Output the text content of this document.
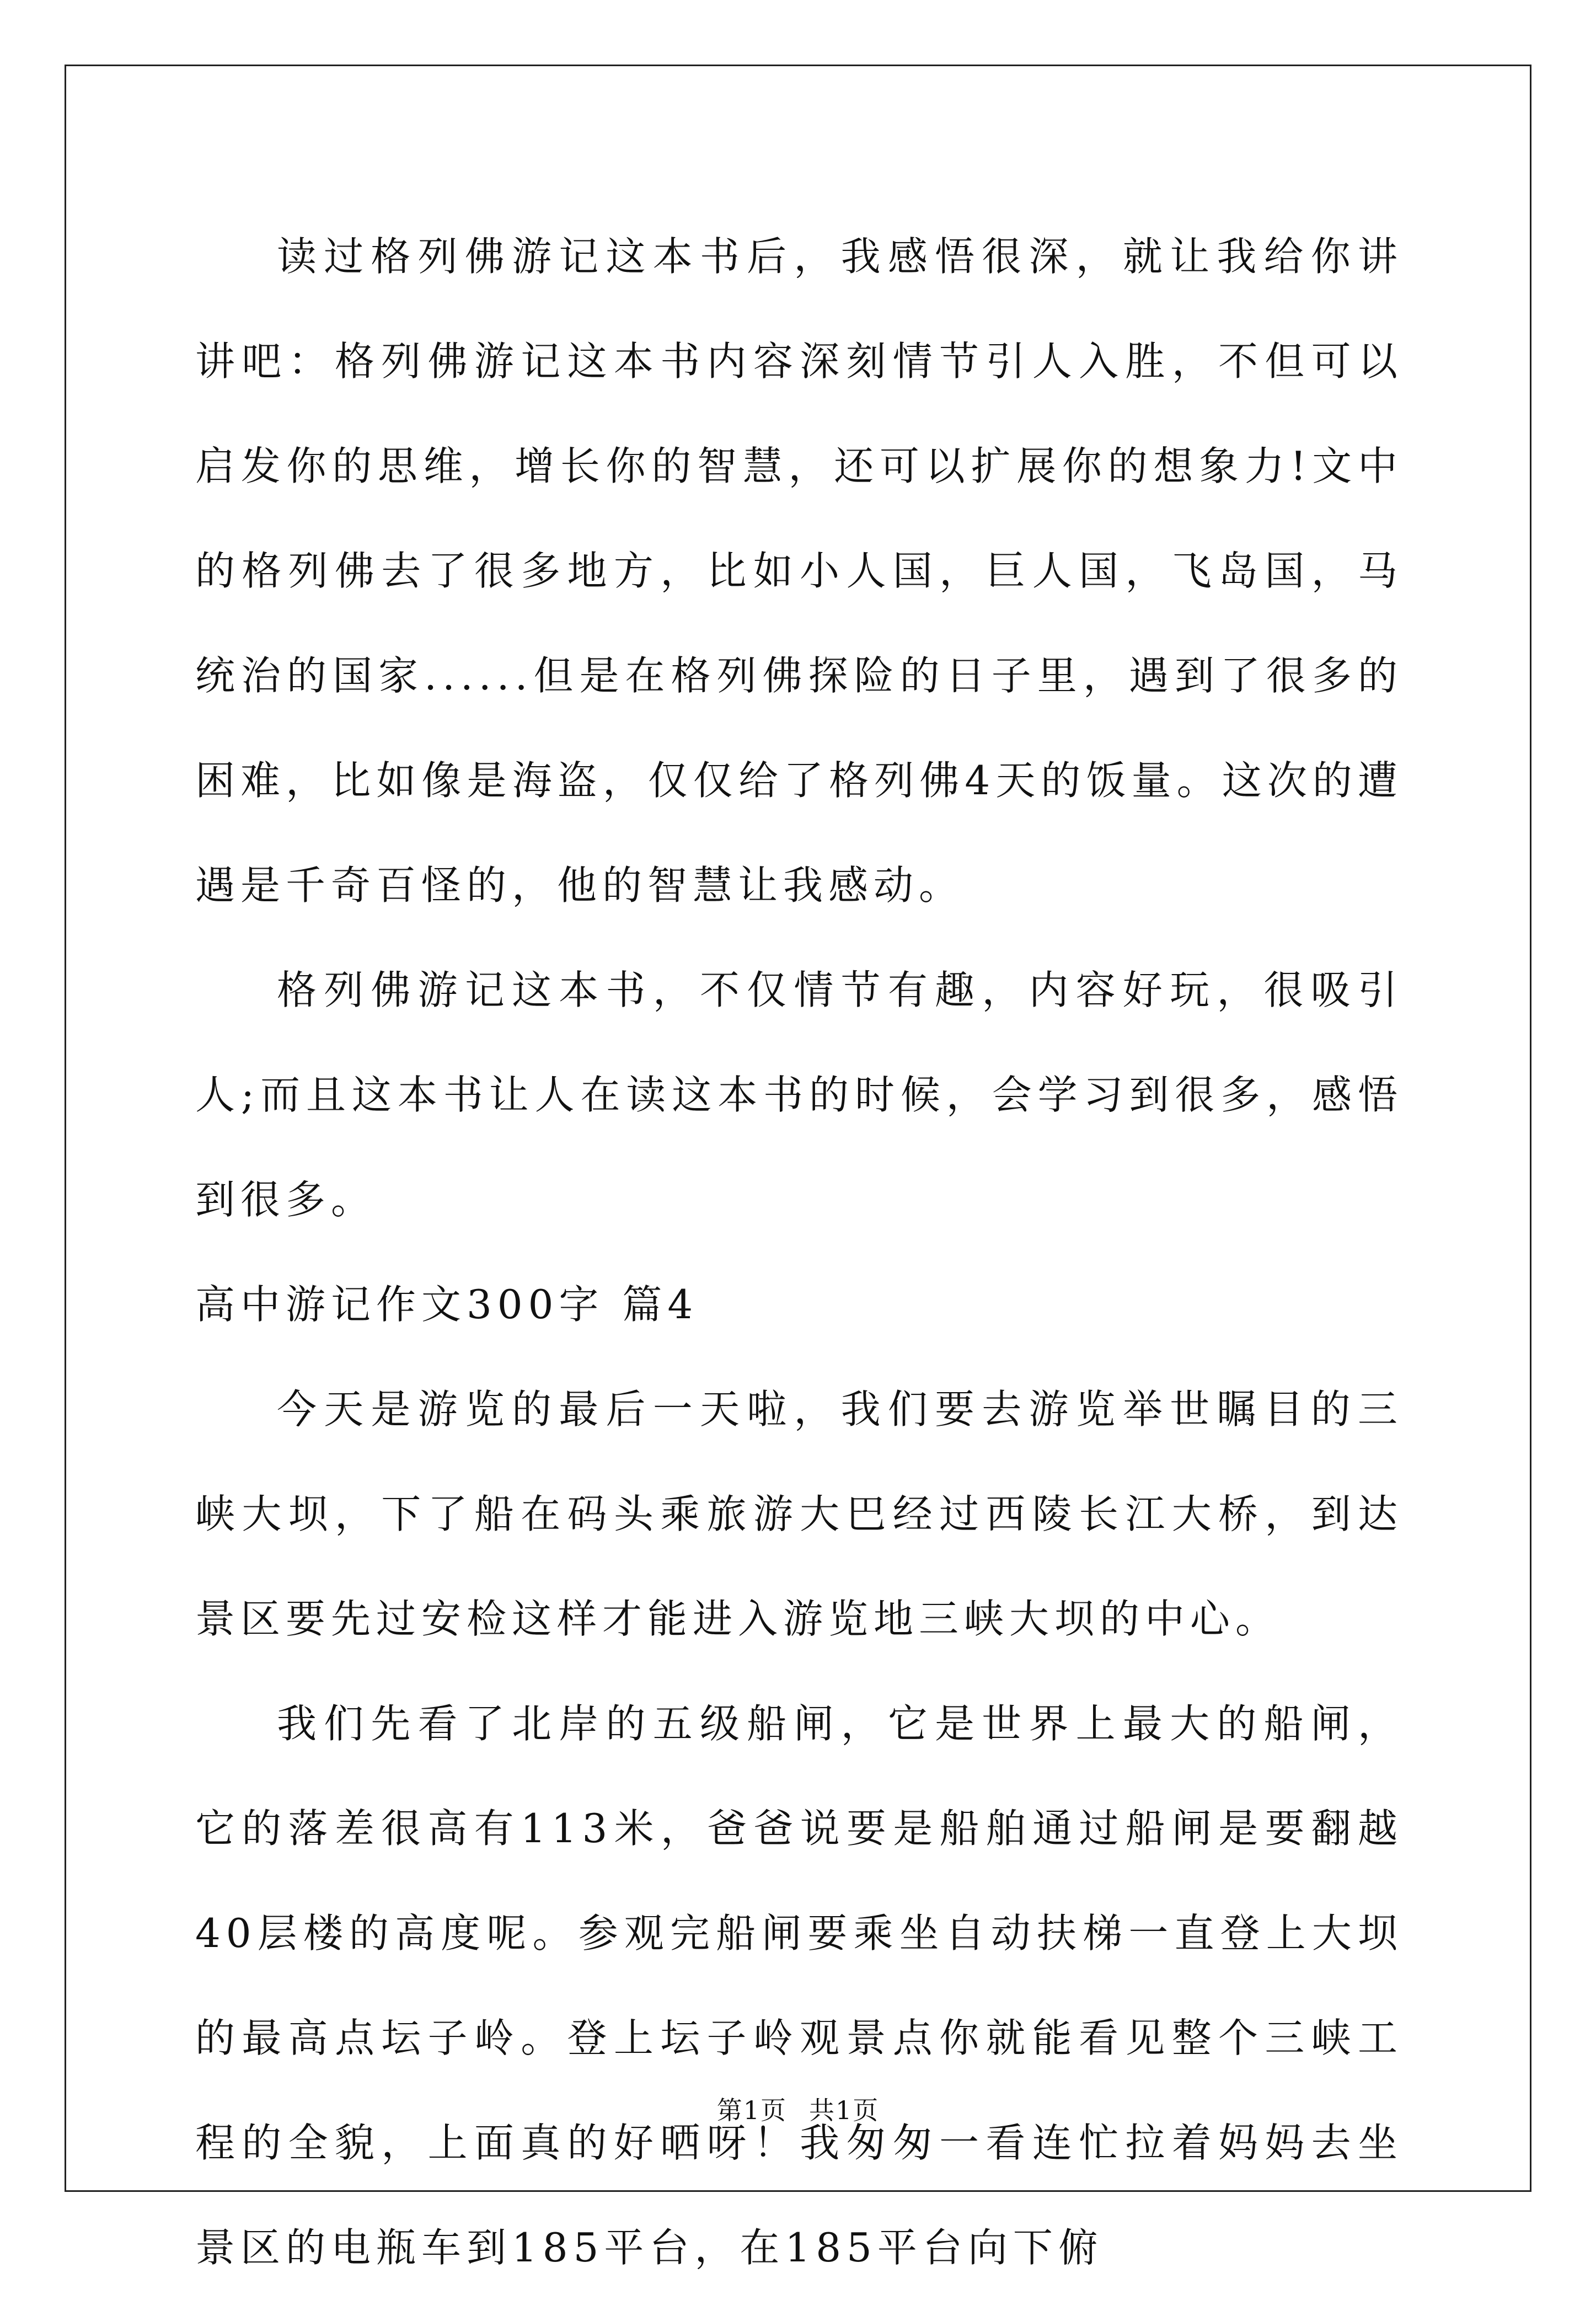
读过格列佛游记这本书后，我感悟很深，就让我给你讲讲吧：格列佛游记这本书内容深刻情节引人入胜，不但可以启发你的思维，增长你的智慧，还可以扩展你的想象力!文中的格列佛去了很多地方，比如小人国，巨人国，飞岛国，马统治的国家......但是在格列佛探险的日子里，遇到了很多的困难，比如像是海盗，仅仅给了格列佛4天的饭量。这次的遭遇是千奇百怪的，他的智慧让我感动。

格列佛游记这本书，不仅情节有趣，内容好玩，很吸引人;而且这本书让人在读这本书的时候，会学习到很多，感悟到很多。

高中游记作文300字 篇4

今天是游览的最后一天啦，我们要去游览举世瞩目的三峡大坝，下了船在码头乘旅游大巴经过西陵长江大桥，到达景区要先过安检这样才能进入游览地三峡大坝的中心。

我们先看了北岸的五级船闸，它是世界上最大的船闸，它的落差很高有113米，爸爸说要是船舶通过船闸是要翻越40层楼的高度呢。参观完船闸要乘坐自动扶梯一直登上大坝的最高点坛子岭。登上坛子岭观景点你就能看见整个三峡工程的全貌，上面真的好晒呀！我匆匆一看连忙拉着妈妈去坐景区的电瓶车到185平台，在185平台向下俯

第1页 共1页
